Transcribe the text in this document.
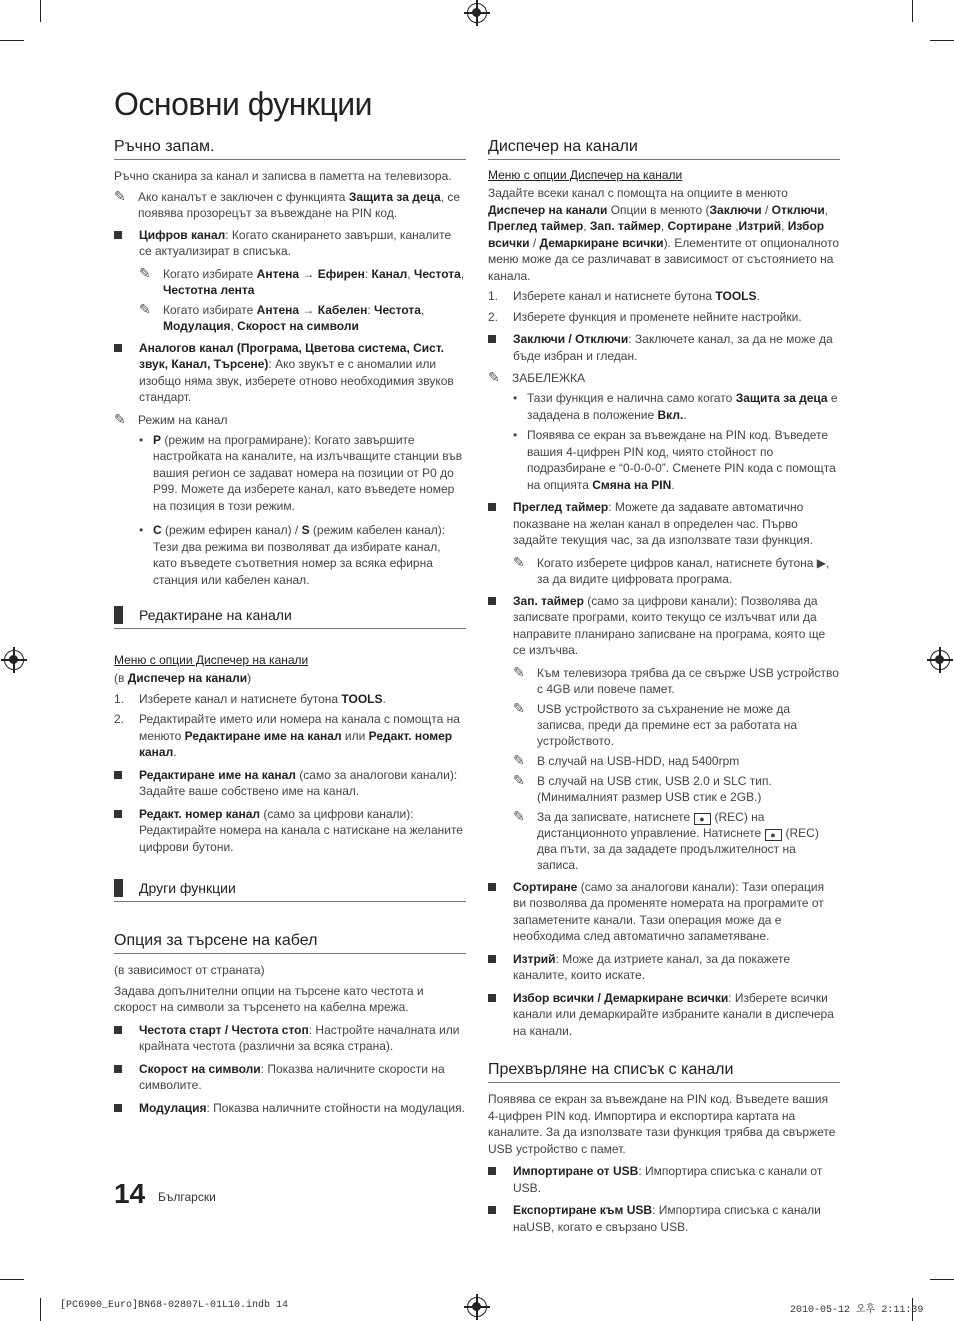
Основни функции
Ръчно запам.
Ръчно сканира за канал и записва в паметта на телевизора.
✎	Ако каналът е заключен с функцията Защита за деца, се появява прозорецът за въвеждане на PIN код.
Цифров канал: Когато сканирането завърши, каналите се актуализират в списъка.
✎	Когато избирате Антена → Ефирен: Канал, Честота, Честотна лента
✎	Когато избирате Антена → Кабелен: Честота, Модулация, Скорост на символи
Аналогов канал (Програма, Цветова система, Сист. звук, Канал, Търсене): Ако звукът е с аномалии или изобщо няма звук, изберете отново необходимия звуков стандарт.
✎	Режим на канал
• P (режим на програмиране): Когато завършите настройката на каналите, на излъчващите станции във вашия регион се задават номера на позиции от P0 до P99. Можете да изберете канал, като въведете номер на позиция в този режим.
• C (режим ефирен канал) / S (режим кабелен канал): Тези два режима ви позволяват да избирате канал, като въведете съответния номер за всяка ефирна станция или кабелен канал.
Редактиране на канали
Меню с опции Диспечер на канали
(в Диспечер на канали)
1.	Изберете канал и натиснете бутона TOOLS.
2.	Редактирайте името или номера на канала с помощта на менюто Редактиране име на канал или Редакт. номер канал.
Редактиране име на канал (само за аналогови канали): Задайте ваше собствено име на канал.
Редакт. номер канал (само за цифрови канали): Редактирайте номера на канала с натискане на желаните цифрови бутони.
Други функции
Опция за търсене на кабел
(в зависимост от страната)
Задава допълнителни опции на търсене като честота и скорост на символи за търсенето на кабелна мрежа.
Честота старт / Честота стоп: Настройте началната или крайната честота (различни за всяка страна).
Скорост на символи: Показва наличните скорости на символите.
Модулация: Показва наличните стойности на модулация.
Диспечер на канали
Меню с опции Диспечер на канали
Задайте всеки канал с помощта на опциите в менюто Диспечер на канали Опции в менюто (Заключи / Отключи, Преглед таймер, Зап. таймер, Сортиране ,Изтрий, Избор всички / Демаркиране всички). Елементите от опционалното меню може да се различават в зависимост от състоянието на канала.
1.	Изберете канал и натиснете бутона TOOLS.
2.	Изберете функция и променете нейните настройки.
Заключи / Отключи: Заключете канал, за да не може да бъде избран и гледан.
✎	ЗАБЕЛЕЖКА
• Тази функция е налична само когато Защита за деца е зададена в положение Вкл..
• Появява се екран за въвеждане на PIN код. Въведете вашия 4-цифрен PIN код, чиято стойност по подразбиране е “0-0-0-0”. Сменете PIN кода с помощта на опцията Смяна на PIN.
Преглед таймер: Можете да задавате автоматично показване на желан канал в определен час. Първо задайте текущия час, за да използвате тази функция.
✎	Когато изберете цифров канал, натиснете бутона ▶, за да видите цифровата програма.
Зап. таймер (само за цифрови канали): Позволява да записвате програми, които текущо се излъчват или да направите планирано записване на програма, която ще се излъчва.
✎	Към телевизора трябва да се свърже USB устройство с 4GB или повече памет.
✎	USB устройството за съхранение не може да записва, преди да премине ест за работата на устройството.
✎	В случай на USB-HDD, над 5400rpm
✎	В случай на USB стик, USB 2.0 и SLC тип. (Минималният размер USB стик е 2GB.)
✎	За да записвате, натиснете ● (REC) на дистанционното управление. Натиснете ● (REC) два пъти, за да зададете продължителност на записа.
Сортиране (само за аналогови канали): Тази операция ви позволява да променяте номерата на програмите от запаметените канали. Тази операция може да е необходима след автоматично запаметяване.
Изтрий: Може да изтриете канал, за да покажете каналите, които искате.
Избор всички / Демаркиране всички: Изберете всички канали или демаркирайте избраните канали в диспечера на канали.
Прехвърляне на списък с канали
Появява се екран за въвеждане на PIN код. Въведете вашия 4-цифрен PIN код. Импортира и експортира картата на каналите. За да използвате тази функция трябва да свържете USB устройство с памет.
Импортиране от USB: Импортира списъка с канали от USB.
Експортиране към USB: Импортира списъка с канали наUSB, когато е свързано USB.
14 Български
[PC6900_Euro]BN68-02807L-01L10.indb 14	2010-05-12 오후 2:11:39
